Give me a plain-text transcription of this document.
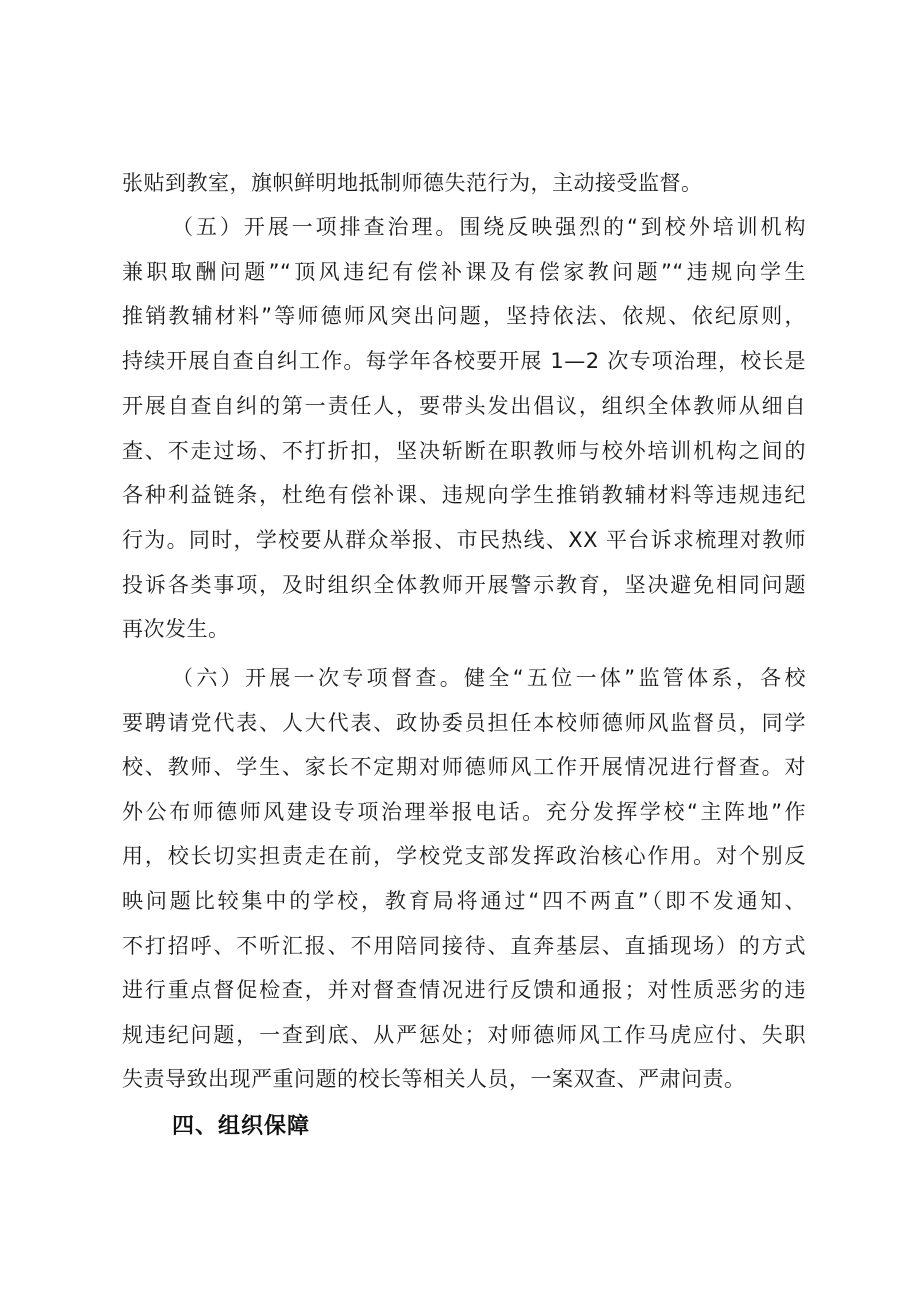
张贴到教室，旗帜鲜明地抵制师德失范行为，主动接受监督。

（五）开展一项排查治理。围绕反映强烈的“到校外培训机构

兼职取酬问题”“顶风违纪有偿补课及有偿家教问题”“违规向学生

推销教辅材料”等师德师风突出问题，坚持依法、依规、依纪原则，

持续开展自查自纠工作。每学年各校要开展 1—2 次专项治理，校长是

开展自查自纠的第一责任人，要带头发出倡议，组织全体教师从细自

查、不走过场、不打折扣，坚决斩断在职教师与校外培训机构之间的

各种利益链条，杜绝有偿补课、违规向学生推销教辅材料等违规违纪

行为。同时，学校要从群众举报、市民热线、XX 平台诉求梳理对教师

投诉各类事项，及时组织全体教师开展警示教育，坚决避免相同问题

再次发生。

（六）开展一次专项督查。健全“五位一体”监管体系，各校

要聘请党代表、人大代表、政协委员担任本校师德师风监督员，同学

校、教师、学生、家长不定期对师德师风工作开展情况进行督查。对

外公布师德师风建设专项治理举报电话。充分发挥学校“主阵地”作

用，校长切实担责走在前，学校党支部发挥政治核心作用。对个别反

映问题比较集中的学校，教育局将通过“四不两直”（即不发通知、

不打招呼、不听汇报、不用陪同接待、直奔基层、直插现场）的方式

进行重点督促检查，并对督查情况进行反馈和通报；对性质恶劣的违

规违纪问题，一查到底、从严惩处；对师德师风工作马虎应付、失职

失责导致出现严重问题的校长等相关人员，一案双查、严肃问责。

四、组织保障
